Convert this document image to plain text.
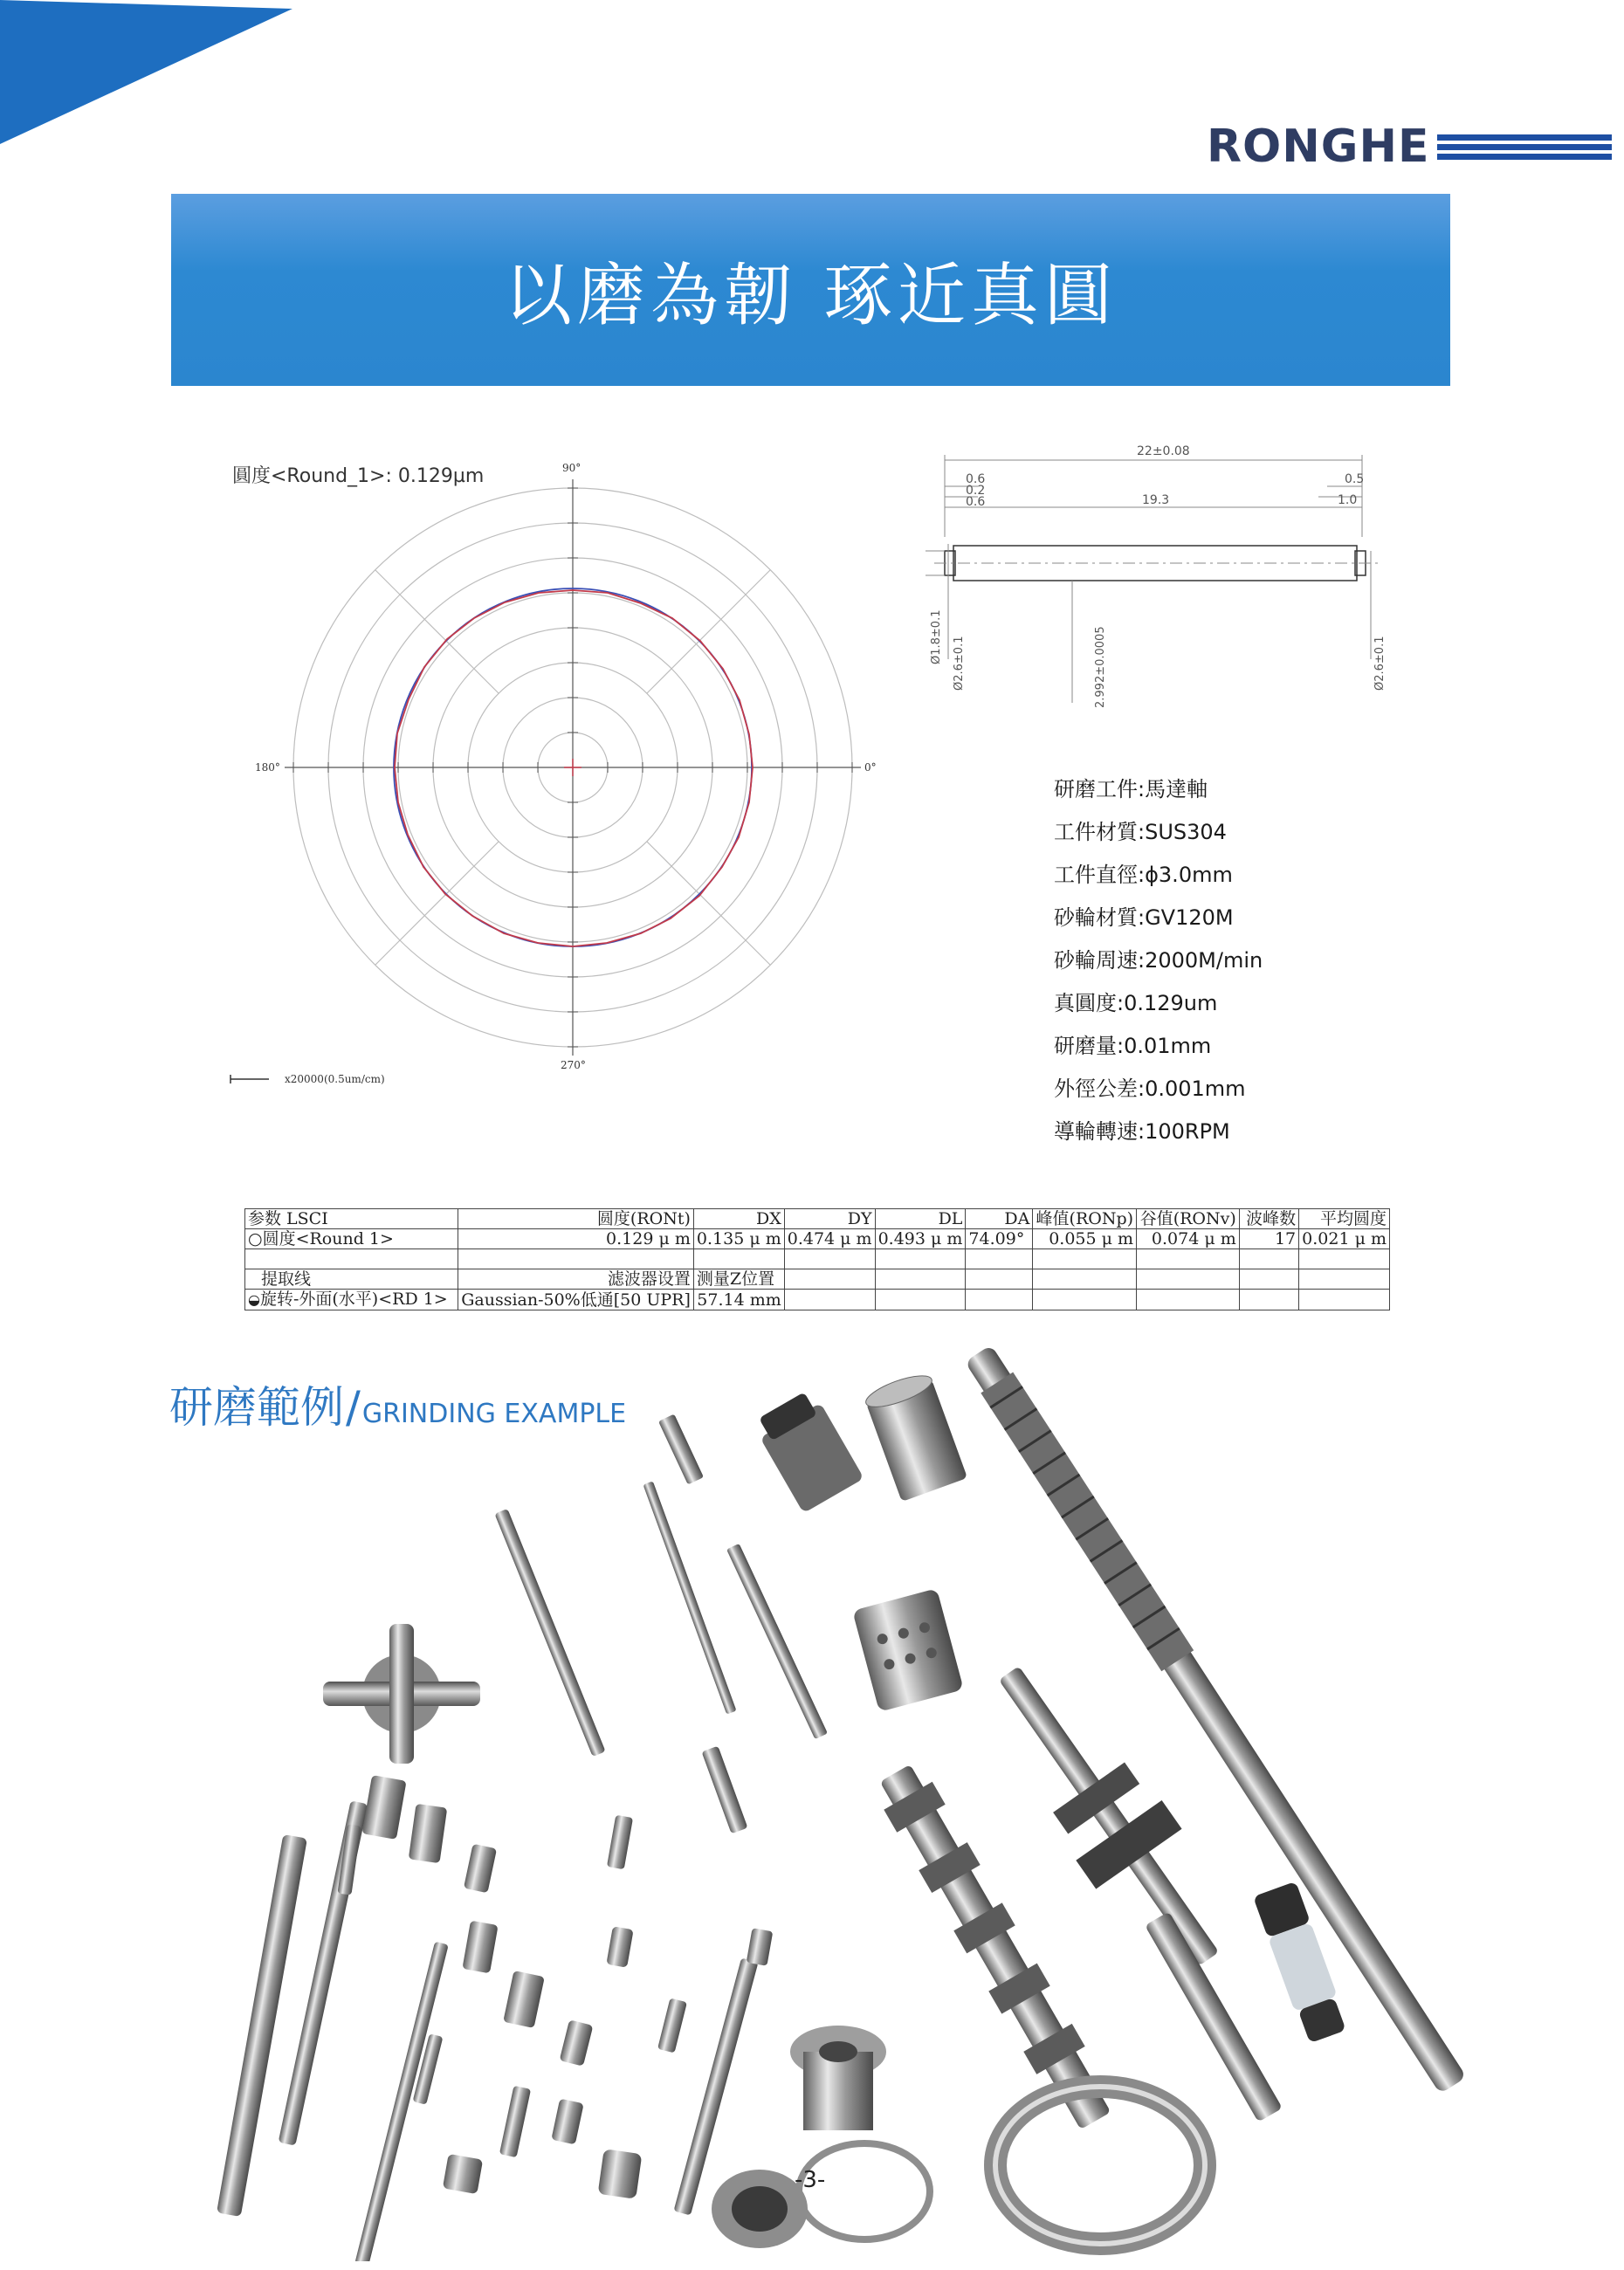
RONGHE
以磨為韌 琢近真圓
圓度<Round_1>: 0.129µm	90°
180°	0°
270°
x20000(0.5um/cm)
22±0.08
0.6
0.2
0.6	19.3
0.5
1.0
Ø1.8±0.1 Ø2.6±0.1	2.992±0.0005	Ø2.6±0.1
研磨工件:馬達軸
工件材質:SUS304
工件直徑:ϕ3.0mm
砂輪材質:GV120M
砂輪周速:2000M/min
真圓度:0.129um
研磨量:0.01mm
外徑公差:0.001mm
導輪轉速:100RPM
参数 LSCI	圆度(RONt)	DX	DY	DL	DA	峰值(RONp)	谷值(RONv)	波峰数	平均圆度
○圆度<Round 1>	0.129 μ m	0.135 μ m	0.474 μ m	0.493 μ m	74.09°	0.055 μ m	0.074 μ m	17	0.021 μ m

提取线	滤波器设置	测量Z位置							
◒旋转-外面(水平)<RD 1>	Gaussian-50%低通[50 UPR]	57.14 mm							
研磨範例 / GRINDING EXAMPLE
-3-
